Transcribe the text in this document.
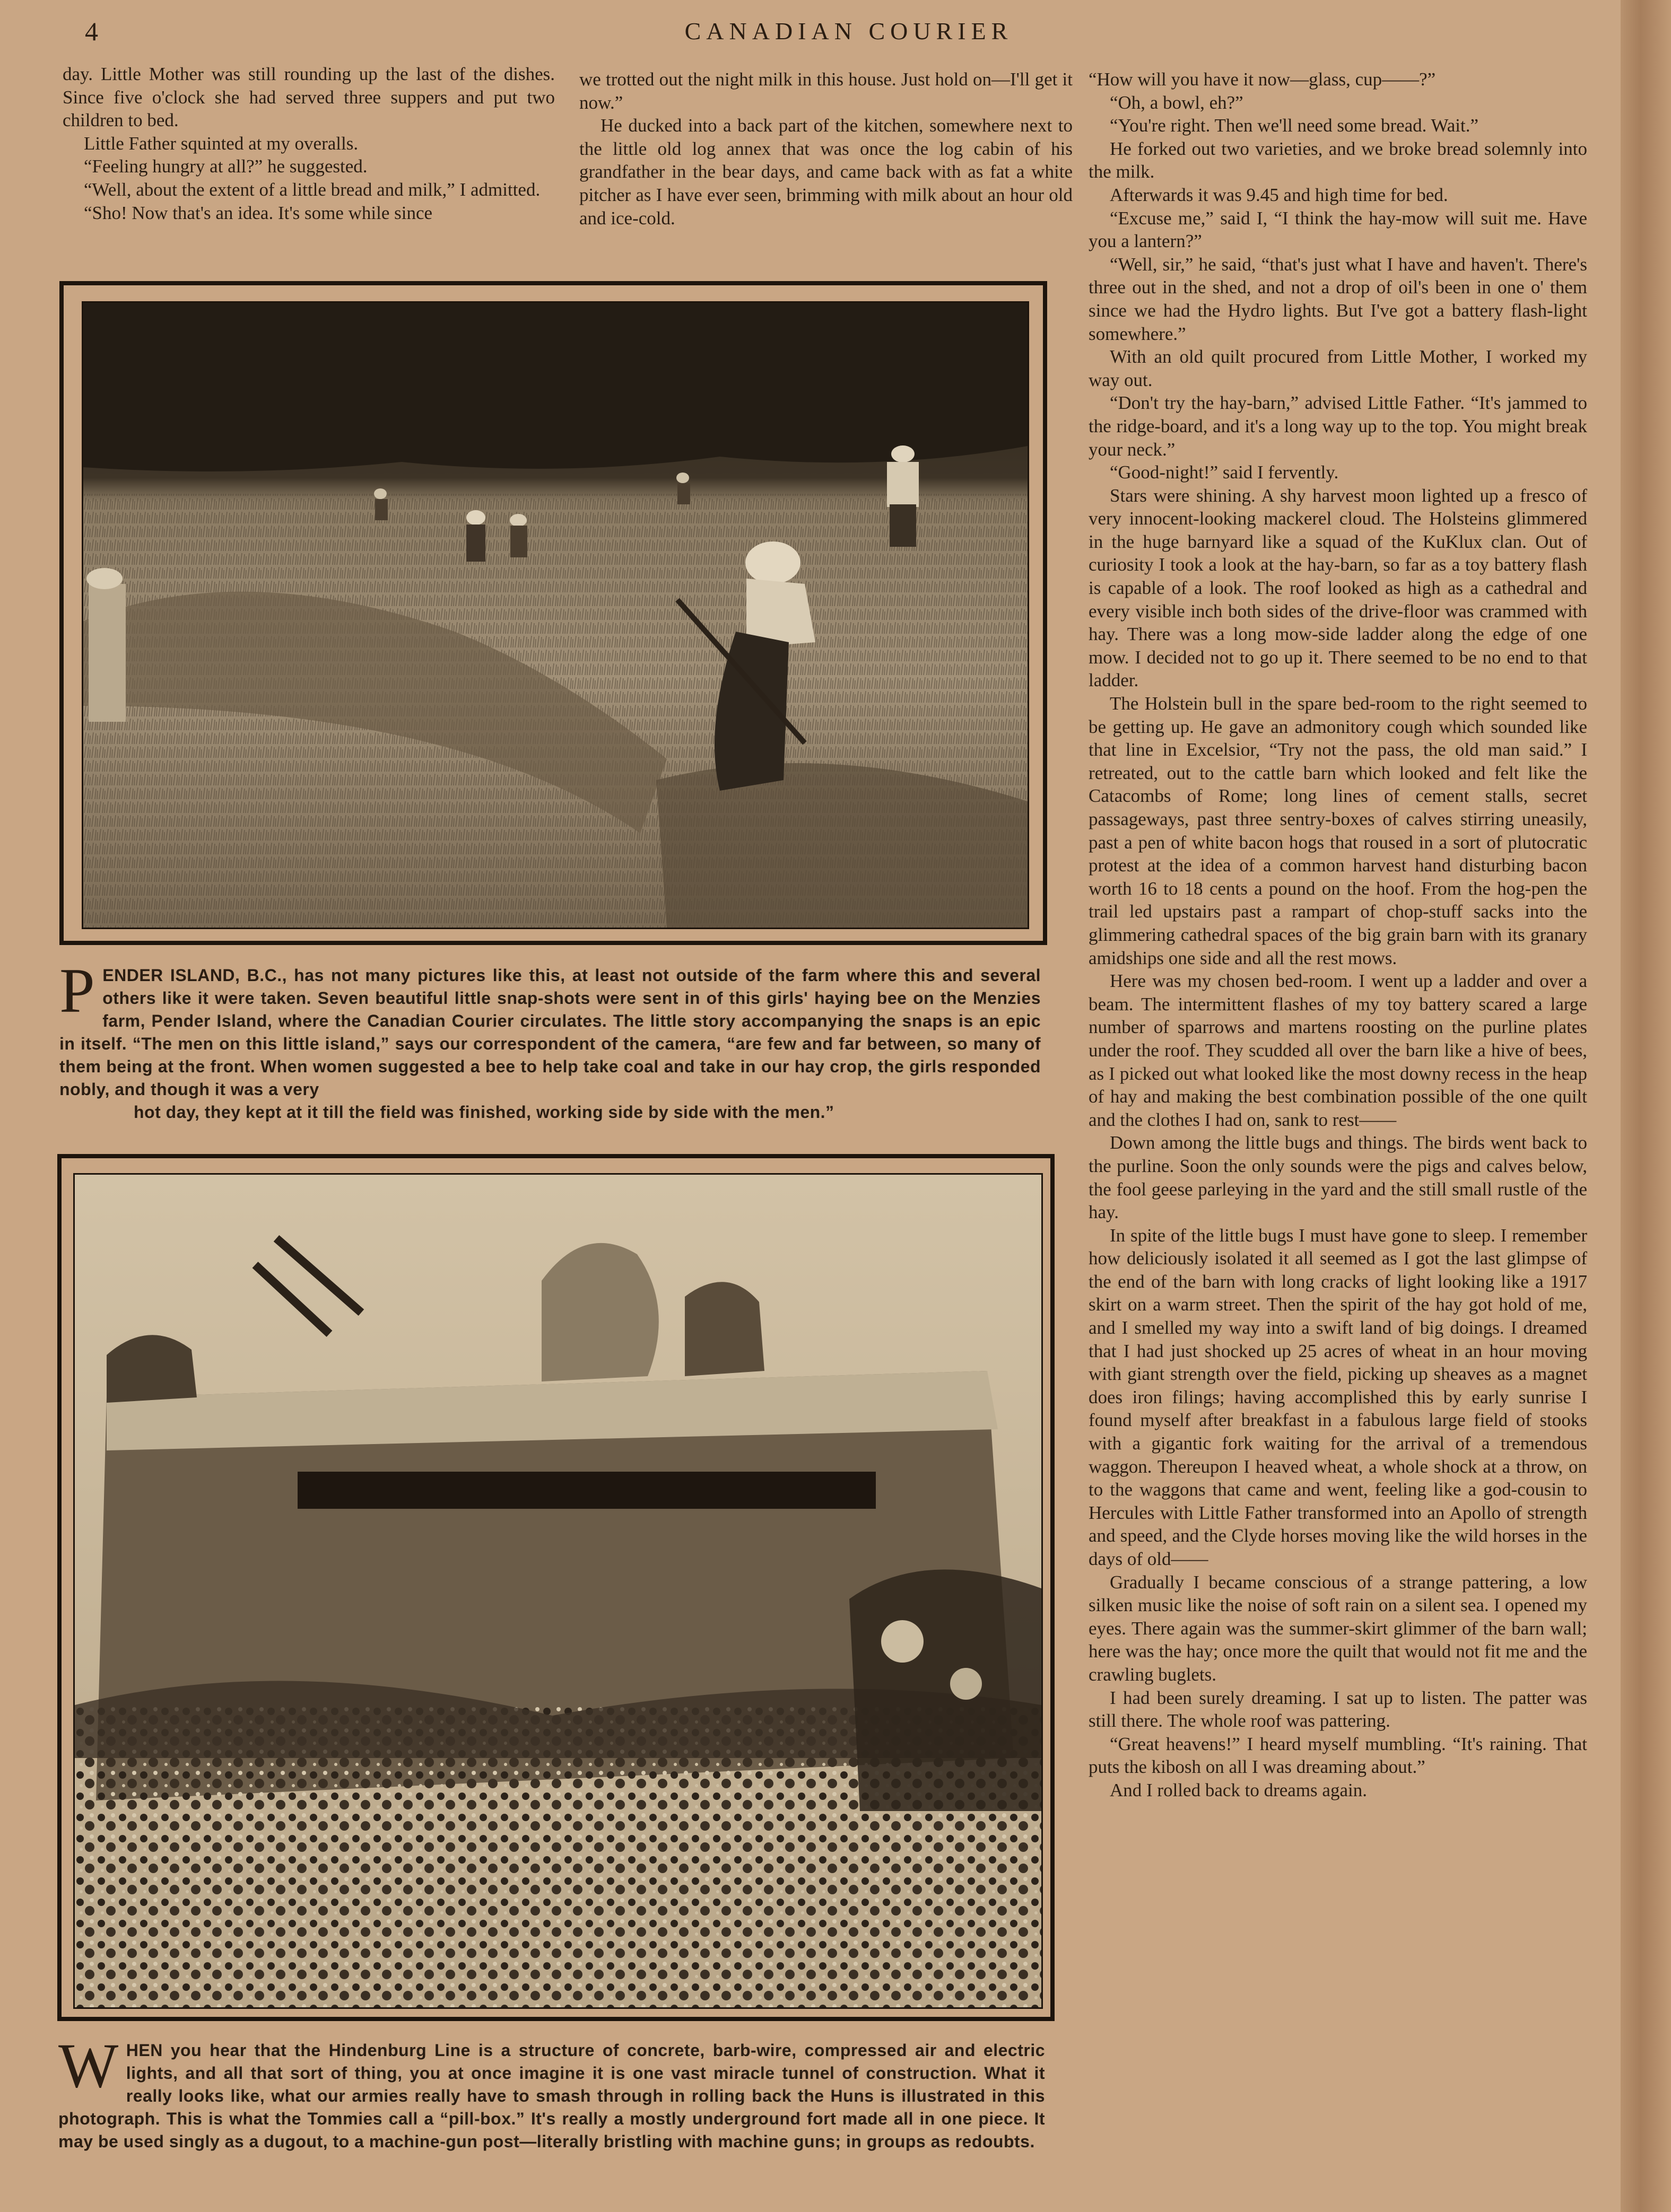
4	CANADIAN COURIER

day. Little Mother was still rounding up the last of the dishes. Since five o'clock she had served three suppers and put two children to bed.

Little Father squinted at my overalls.

“Feeling hungry at all?” he suggested.

“Well, about the extent of a little bread and milk,” I admitted.

“Sho! Now that's an idea. It's some while since

we trotted out the night milk in this house. Just hold on—I'll get it now.”

He ducked into a back part of the kitchen, somewhere next to the little old log annex that was once the log cabin of his grandfather in the bear days, and came back with as fat a white pitcher as I have ever seen, brimming with milk about an hour old and ice-cold.

“How will you have it now—glass, cup——?”

“Oh, a bowl, eh?”

“You're right. Then we'll need some bread. Wait.”

He forked out two varieties, and we broke bread solemnly into the milk.

Afterwards it was 9.45 and high time for bed.

“Excuse me,” said I, “I think the hay-mow will suit me. Have you a lantern?”

“Well, sir,” he said, “that's just what I have and haven't. There's three out in the shed, and not a drop of oil's been in one o' them since we had the Hydro lights. But I've got a battery flash-light somewhere.”

With an old quilt procured from Little Mother, I worked my way out.

“Don't try the hay-barn,” advised Little Father. “It's jammed to the ridge-board, and it's a long way up to the top. You might break your neck.”

“Good-night!” said I fervently.

Stars were shining. A shy harvest moon lighted up a fresco of very innocent-looking mackerel cloud. The Holsteins glimmered in the huge barnyard like a squad of the KuKlux clan. Out of curiosity I took a look at the hay-barn, so far as a toy battery flash is capable of a look. The roof looked as high as a cathedral and every visible inch both sides of the drive-floor was crammed with hay. There was a long mow-side ladder along the edge of one mow. I decided not to go up it. There seemed to be no end to that ladder.

The Holstein bull in the spare bed-room to the right seemed to be getting up. He gave an admonitory cough which sounded like that line in Excelsior, “Try not the pass, the old man said.” I retreated, out to the cattle barn which looked and felt like the Catacombs of Rome; long lines of cement stalls, secret passageways, past three sentry-boxes of calves stirring uneasily, past a pen of white bacon hogs that roused in a sort of plutocratic protest at the idea of a common harvest hand disturbing bacon worth 16 to 18 cents a pound on the hoof. From the hog-pen the trail led upstairs past a rampart of chop-stuff sacks into the glimmering cathedral spaces of the big grain barn with its granary amidships one side and all the rest mows.

Here was my chosen bed-room. I went up a ladder and over a beam. The intermittent flashes of my toy battery scared a large number of sparrows and martens roosting on the purline plates under the roof. They scudded all over the barn like a hive of bees, as I picked out what looked like the most downy recess in the heap of hay and making the best combination possible of the one quilt and the clothes I had on, sank to rest——

Down among the little bugs and things. The birds went back to the purline. Soon the only sounds were the pigs and calves below, the fool geese parleying in the yard and the still small rustle of the hay.

In spite of the little bugs I must have gone to sleep. I remember how deliciously isolated it all seemed as I got the last glimpse of the end of the barn with long cracks of light looking like a 1917 skirt on a warm street. Then the spirit of the hay got hold of me, and I smelled my way into a swift land of big doings. I dreamed that I had just shocked up 25 acres of wheat in an hour moving with giant strength over the field, picking up sheaves as a magnet does iron filings; having accomplished this by early sunrise I found myself after breakfast in a fabulous large field of stooks with a gigantic fork waiting for the arrival of a tremendous waggon. Thereupon I heaved wheat, a whole shock at a throw, on to the waggons that came and went, feeling like a god-cousin to Hercules with Little Father transformed into an Apollo of strength and speed, and the Clyde horses moving like the wild horses in the days of old——

Gradually I became conscious of a strange pattering, a low silken music like the noise of soft rain on a silent sea. I opened my eyes. There again was the summer-skirt glimmer of the barn wall; here was the hay; once more the quilt that would not fit me and the crawling buglets.

I had been surely dreaming. I sat up to listen. The patter was still there. The whole roof was pattering.

“Great heavens!” I heard myself mumbling. “It's raining. That puts the kibosh on all I was dreaming about.”

And I rolled back to dreams again.

P ENDER ISLAND, B.C., has not many pictures like this, at least not outside of the farm where this and several others like it were taken. Seven beautiful little snap-shots were sent in of this girls' haying bee on the Menzies farm, Pender Island, where the Canadian Courier circulates. The little story accompanying the snaps is an epic in itself. “The men on this little island,” says our correspondent of the camera, “are few and far between, so many of them being at the front. When women suggested a bee to help take coal and take in our hay crop, the girls responded nobly, and though it was a very
hot day, they kept at it till the field was finished, working side by side with the men.”
W HEN you hear that the Hindenburg Line is a structure of concrete, barb-wire, compressed air and electric lights, and all that sort of thing, you at once imagine it is one vast miracle tunnel of construction. What it really looks like, what our armies really have to smash through in rolling back the Huns is illustrated in this photograph. This is what the Tommies call a “pill-box.” It's really a mostly underground fort made all in one piece. It may be used singly as a dugout, to a machine-gun post—literally bristling with machine guns; in groups as redoubts.
